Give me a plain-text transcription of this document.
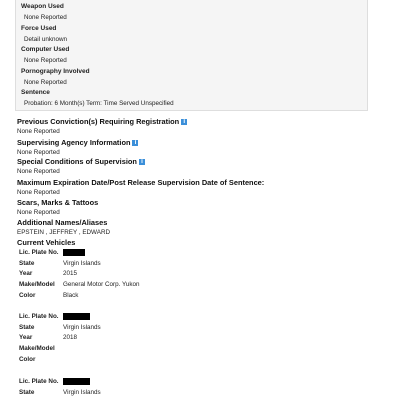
Weapon Used
None Reported
Force Used
Detail unknown
Computer Used
None Reported
Pornography Involved
None Reported
Sentence
Probation: 6 Month(s) Term: Time Served Unspecified
Previous Conviction(s) Requiring Registration i
None Reported
Supervising Agency Information i
None Reported
Special Conditions of Supervision i
None Reported
Maximum Expiration Date/Post Release Supervision Date of Sentence:
None Reported
Scars, Marks & Tattoos
None Reported
Additional Names/Aliases
EPSTEIN , JEFFREY , EDWARD
Current Vehicles
Lic. Plate No.
State	Virgin Islands
Year	2015
Make/Model General Motor Corp. Yukon
Color	Black
Lic. Plate No.
State	Virgin Islands
Year	2018
Make/Model
Color
Lic. Plate No.
State	Virgin Islands
